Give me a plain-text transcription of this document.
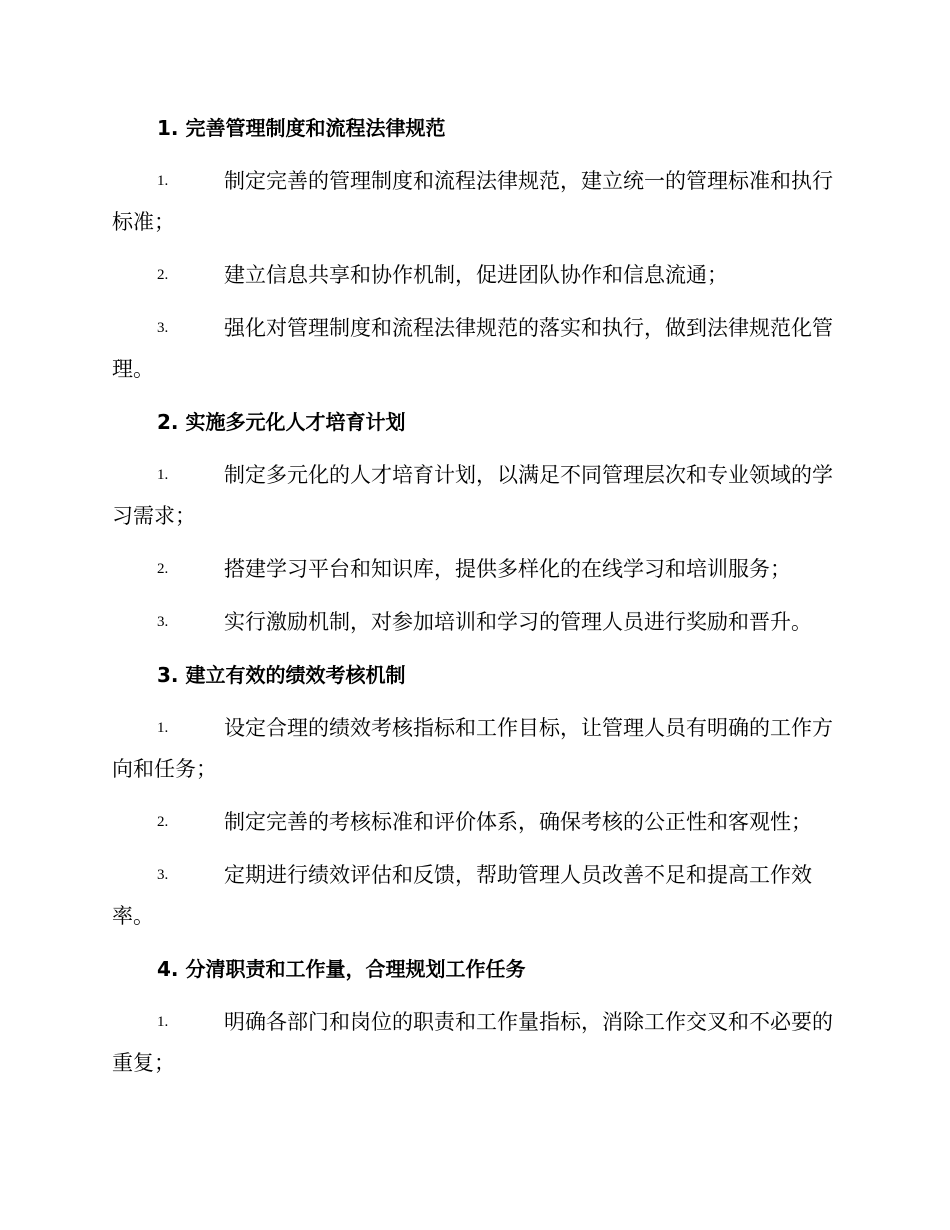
1. 完善管理制度和流程法律规范

1.	制定完善的管理制度和流程法律规范，建立统一的管理标准和执行标准；

2.	建立信息共享和协作机制，促进团队协作和信息流通；

3.	强化对管理制度和流程法律规范的落实和执行，做到法律规范化管理。

2. 实施多元化人才培育计划

1.	制定多元化的人才培育计划，以满足不同管理层次和专业领域的学习需求；

2.	搭建学习平台和知识库，提供多样化的在线学习和培训服务；

3.	实行激励机制，对参加培训和学习的管理人员进行奖励和晋升。

3. 建立有效的绩效考核机制

1.	设定合理的绩效考核指标和工作目标，让管理人员有明确的工作方向和任务；

2.	制定完善的考核标准和评价体系，确保考核的公正性和客观性；

3.	定期进行绩效评估和反馈，帮助管理人员改善不足和提高工作效率。

4. 分清职责和工作量，合理规划工作任务

1.	明确各部门和岗位的职责和工作量指标，消除工作交叉和不必要的重复；
